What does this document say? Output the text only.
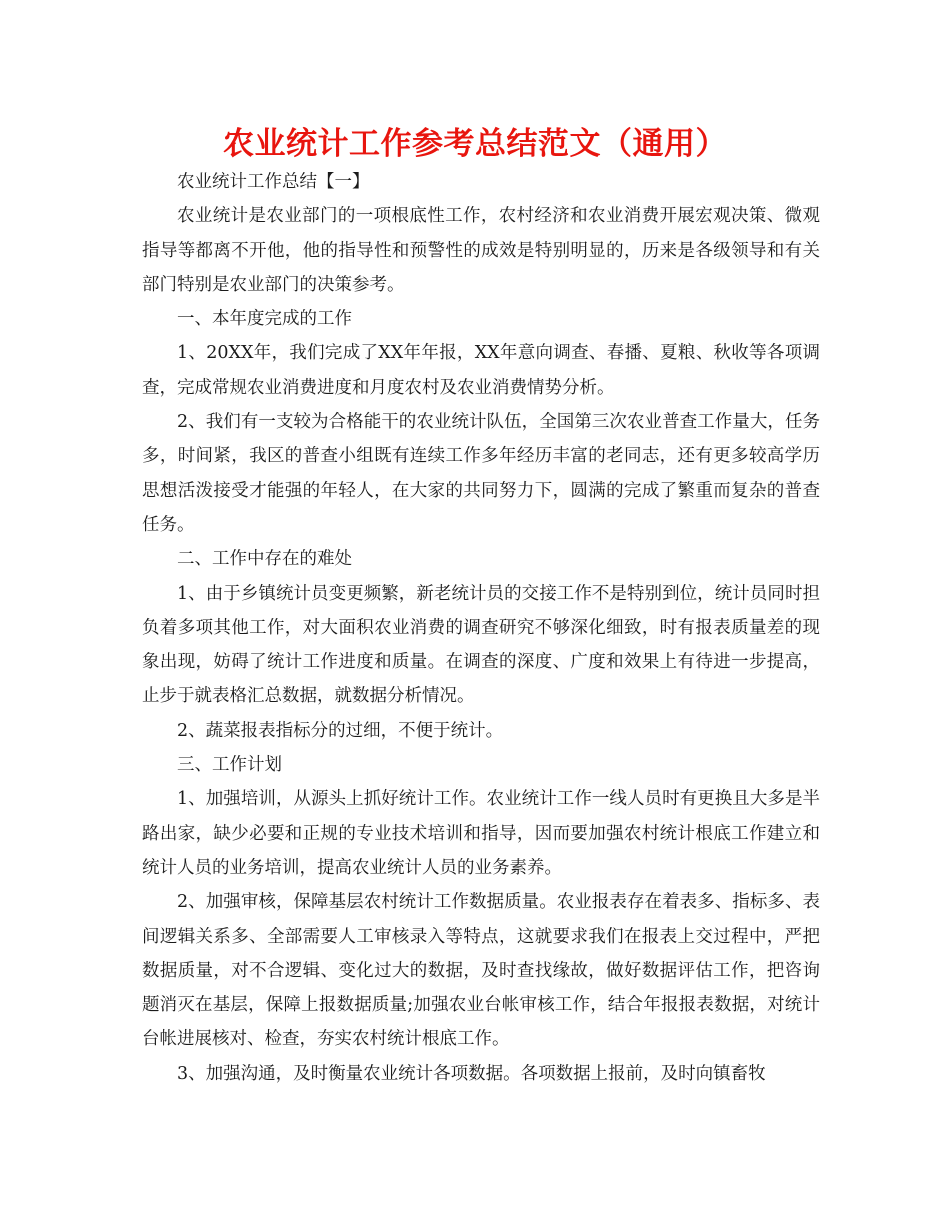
农业统计工作参考总结范文（通用）

农业统计工作总结【一】

农业统计是农业部门的一项根底性工作，农村经济和农业消费开展宏观决策、微观指导等都离不开他，他的指导性和预警性的成效是特别明显的，历来是各级领导和有关部门特别是农业部门的决策参考。

一、本年度完成的工作

1、20XX年，我们完成了XX年年报，XX年意向调查、春播、夏粮、秋收等各项调查，完成常规农业消费进度和月度农村及农业消费情势分析。

2、我们有一支较为合格能干的农业统计队伍，全国第三次农业普查工作量大，任务多，时间紧，我区的普查小组既有连续工作多年经历丰富的老同志，还有更多较高学历思想活泼接受才能强的年轻人，在大家的共同努力下，圆满的完成了繁重而复杂的普查任务。

二、工作中存在的难处

1、由于乡镇统计员变更频繁，新老统计员的交接工作不是特别到位，统计员同时担负着多项其他工作，对大面积农业消费的调查研究不够深化细致，时有报表质量差的现象出现，妨碍了统计工作进度和质量。在调查的深度、广度和效果上有待进一步提高，止步于就表格汇总数据，就数据分析情况。

2、蔬菜报表指标分的过细，不便于统计。

三、工作计划

1、加强培训，从源头上抓好统计工作。农业统计工作一线人员时有更换且大多是半路出家，缺少必要和正规的专业技术培训和指导，因而要加强农村统计根底工作建立和统计人员的业务培训，提高农业统计人员的业务素养。

2、加强审核，保障基层农村统计工作数据质量。农业报表存在着表多、指标多、表间逻辑关系多、全部需要人工审核录入等特点，这就要求我们在报表上交过程中，严把数据质量，对不合逻辑、变化过大的数据，及时查找缘故，做好数据评估工作，把咨询题消灭在基层，保障上报数据质量;加强农业台帐审核工作，结合年报报表数据，对统计台帐进展核对、检查，夯实农村统计根底工作。

3、加强沟通，及时衡量农业统计各项数据。各项数据上报前，及时向镇畜牧
